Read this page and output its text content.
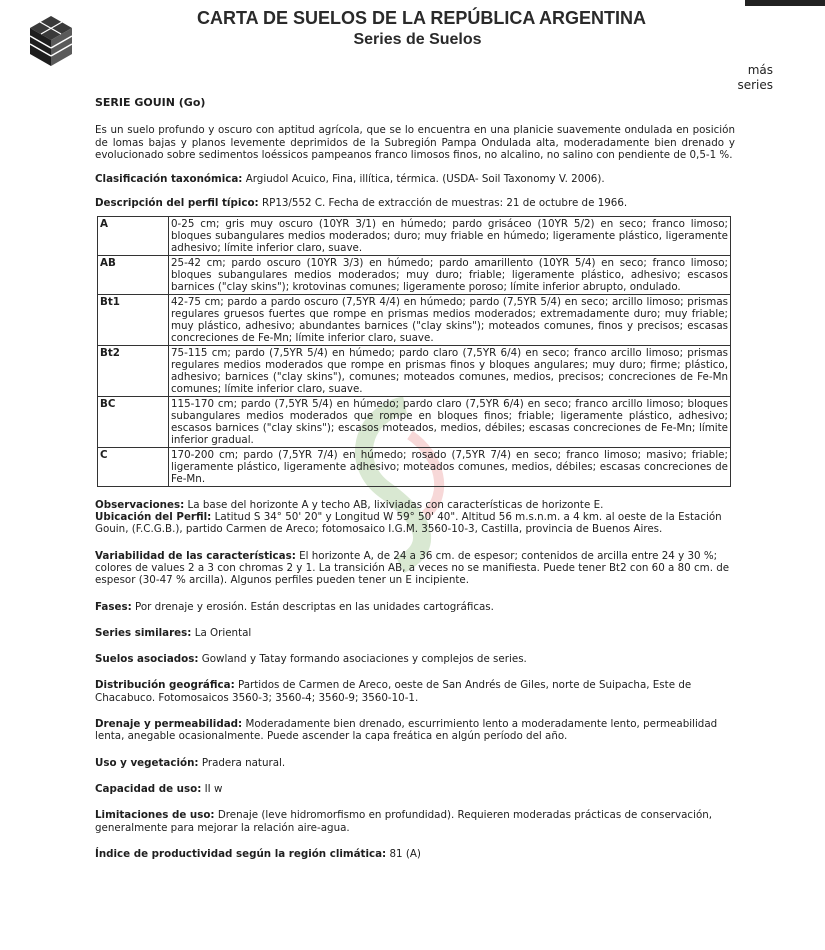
CARTA DE SUELOS DE LA REPÚBLICA ARGENTINA
Series de Suelos
más
series
SERIE GOUIN (Go)

Es un suelo profundo y oscuro con aptitud agrícola, que se lo encuentra en una planicie suavemente ondulada en posición de lomas bajas y planos levemente deprimidos de la Subregión Pampa Ondulada alta, moderadamente bien drenado y evolucionado sobre sedimentos loéssicos pampeanos franco limosos finos, no alcalino, no salino con pendiente de 0,5-1 %.

Clasificación taxonómica: Argiudol Acuico, Fina, illítica, térmica. (USDA- Soil Taxonomy V. 2006).

Descripción del perfil típico: RP13/552 C. Fecha de extracción de muestras: 21 de octubre de 1966.

A	0-25 cm; gris muy oscuro (10YR 3/1) en húmedo; pardo grisáceo (10YR 5/2) en seco; franco limoso; bloques subangulares medios moderados; duro; muy friable en húmedo; ligeramente plástico, ligeramente adhesivo; límite inferior claro, suave.
AB	25-42 cm; pardo oscuro (10YR 3/3) en húmedo; pardo amarillento (10YR 5/4) en seco; franco limoso; bloques subangulares medios moderados; muy duro; friable; ligeramente plástico, adhesivo; escasos barnices ("clay skins"); krotovinas comunes; ligeramente poroso; límite inferior abrupto, ondulado.
Bt1	42-75 cm; pardo a pardo oscuro (7,5YR 4/4) en húmedo; pardo (7,5YR 5/4) en seco; arcillo limoso; prismas regulares gruesos fuertes que rompe en prismas medios moderados; extremadamente duro; muy friable; muy plástico, adhesivo; abundantes barnices ("clay skins"); moteados comunes, finos y precisos; escasas concreciones de Fe-Mn; límite inferior claro, suave.
Bt2	75-115 cm; pardo (7,5YR 5/4) en húmedo; pardo claro (7,5YR 6/4) en seco; franco arcillo limoso; prismas regulares medios moderados que rompe en prismas finos y bloques angulares; muy duro; firme; plástico, adhesivo; barnices ("clay skins"), comunes; moteados comunes, medios, precisos; concreciones de Fe-Mn comunes; límite inferior claro, suave.
BC	115-170 cm; pardo (7,5YR 5/4) en húmedo; pardo claro (7,5YR 6/4) en seco; franco arcillo limoso; bloques subangulares medios moderados que rompe en bloques finos; friable; ligeramente plástico, adhesivo; escasos barnices ("clay skins"); escasos moteados, medios, débiles; escasas concreciones de Fe-Mn; límite inferior gradual.
C	170-200 cm; pardo (7,5YR 7/4) en húmedo; rosado (7,5YR 7/4) en seco; franco limoso; masivo; friable; ligeramente plástico, ligeramente adhesivo; moteados comunes, medios, débiles; escasas concreciones de Fe-Mn.

Observaciones: La base del horizonte A y techo AB, lixiviadas con características de horizonte E.

Ubicación del Perfil: Latitud S 34° 50' 20" y Longitud W 59° 50' 40". Altitud 56 m.s.n.m. a 4 km. al oeste de la Estación Gouin, (F.C.G.B.), partido Carmen de Areco; fotomosaico I.G.M. 3560-10-3, Castilla, provincia de Buenos Aires.

Variabilidad de las características: El horizonte A, de 24 a 36 cm. de espesor; contenidos de arcilla entre 24 y 30 %; colores de values 2 a 3 con chromas 2 y 1. La transición AB, a veces no se manifiesta. Puede tener Bt2 con 60 a 80 cm. de espesor (30-47 % arcilla). Algunos perfiles pueden tener un E incipiente.

Fases: Por drenaje y erosión. Están descriptas en las unidades cartográficas.

Series similares: La Oriental

Suelos asociados: Gowland y Tatay formando asociaciones y complejos de series.

Distribución geográfica: Partidos de Carmen de Areco, oeste de San Andrés de Giles, norte de Suipacha, Este de Chacabuco. Fotomosaicos 3560-3; 3560-4; 3560-9; 3560-10-1.

Drenaje y permeabilidad: Moderadamente bien drenado, escurrimiento lento a moderadamente lento, permeabilidad lenta, anegable ocasionalmente. Puede ascender la capa freática en algún período del año.

Uso y vegetación: Pradera natural.

Capacidad de uso: II w

Limitaciones de uso: Drenaje (leve hidromorfismo en profundidad). Requieren moderadas prácticas de conservación, generalmente para mejorar la relación aire-agua.

Índice de productividad según la región climática: 81 (A)
